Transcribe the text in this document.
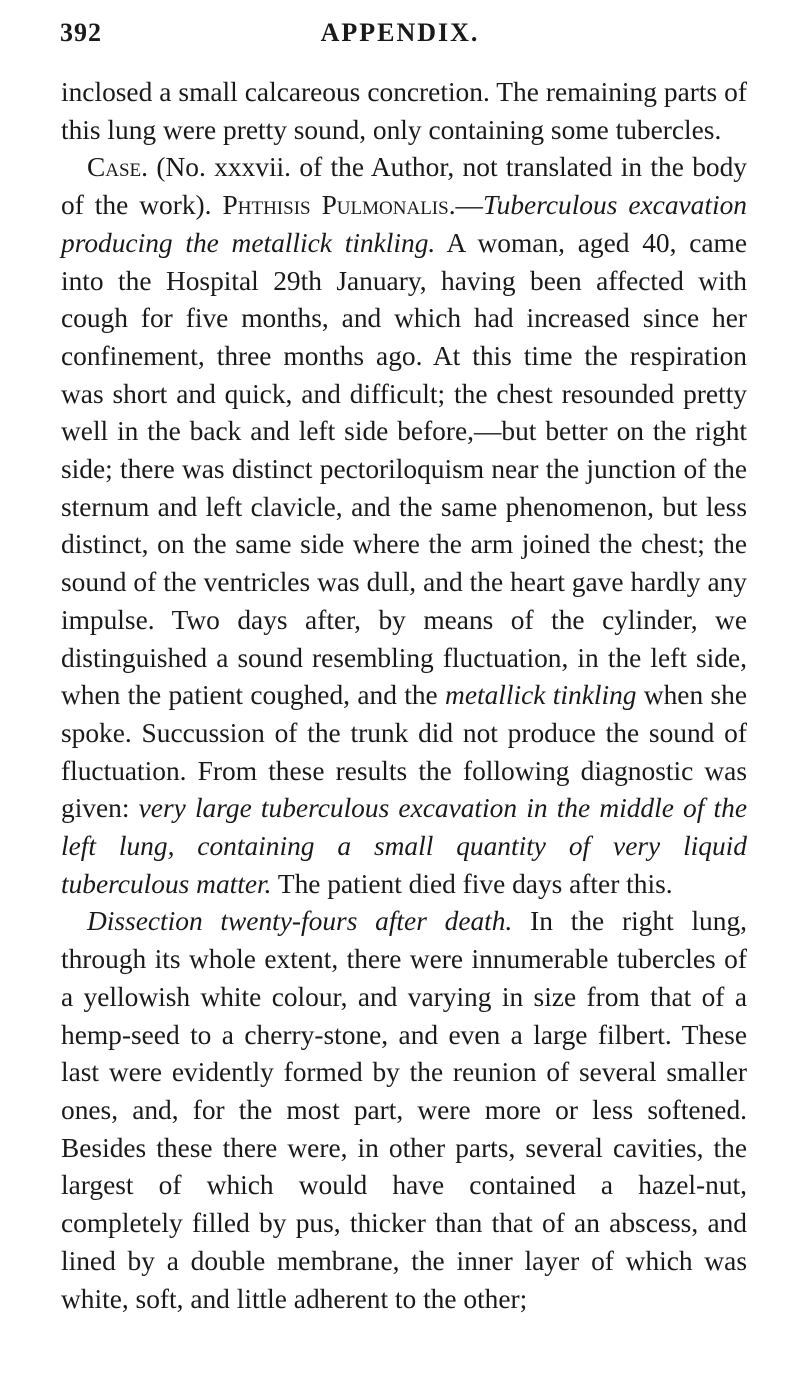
392	APPENDIX.

inclosed a small calcareous concretion. The remaining parts of this lung were pretty sound, only containing some tubercles.

Case. (No. xxxvii. of the Author, not translated in the body of the work). Phthisis Pulmonalis.—Tuberculous excavation producing the metallick tinkling. A woman, aged 40, came into the Hospital 29th January, having been affected with cough for five months, and which had increased since her confinement, three months ago. At this time the respiration was short and quick, and difficult; the chest resounded pretty well in the back and left side before,—but better on the right side; there was distinct pectoriloquism near the junction of the sternum and left clavicle, and the same phenomenon, but less distinct, on the same side where the arm joined the chest; the sound of the ventricles was dull, and the heart gave hardly any impulse. Two days after, by means of the cylinder, we distinguished a sound resembling fluctuation, in the left side, when the patient coughed, and the metallick tinkling when she spoke. Succussion of the trunk did not produce the sound of fluctuation. From these results the following diagnostic was given: very large tuberculous excavation in the middle of the left lung, containing a small quantity of very liquid tuberculous matter. The patient died five days after this.

Dissection twenty-fours after death. In the right lung, through its whole extent, there were innumerable tubercles of a yellowish white colour, and varying in size from that of a hemp-seed to a cherry-stone, and even a large filbert. These last were evidently formed by the reunion of several smaller ones, and, for the most part, were more or less softened. Besides these there were, in other parts, several cavities, the largest of which would have contained a hazel-nut, completely filled by pus, thicker than that of an abscess, and lined by a double membrane, the inner layer of which was white, soft, and little adherent to the other;
